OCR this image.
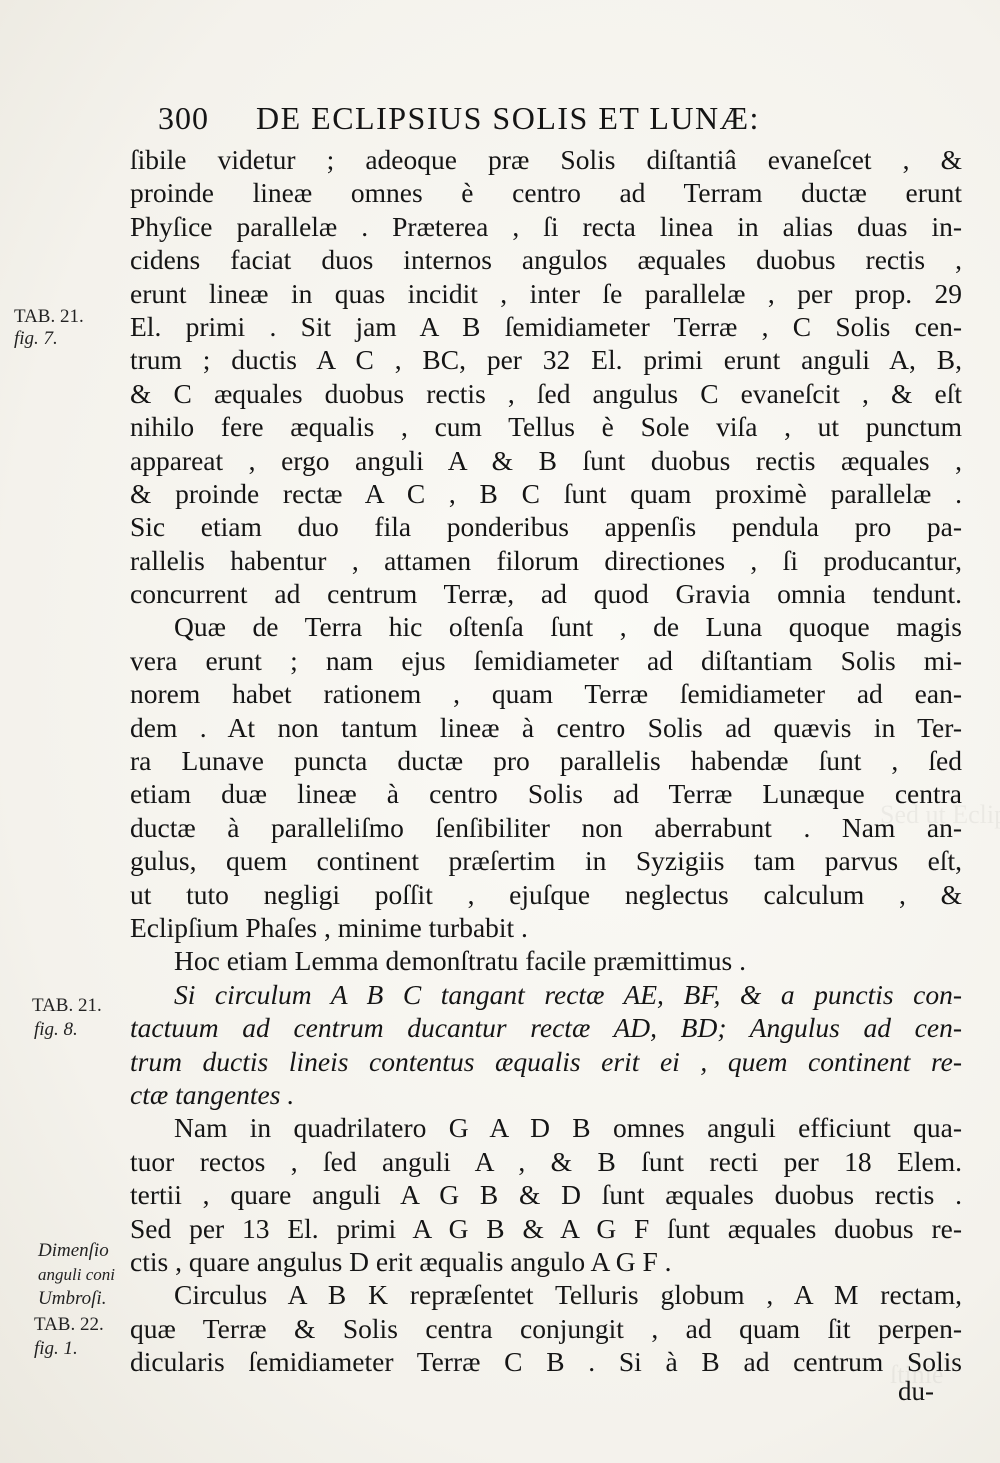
300 DE ECLIPSIUS SOLIS ET LUNÆ:
ſibile videtur ; adeoque præ Solis diſtantiâ evaneſcet , &
proinde lineæ omnes è centro ad Terram ductæ erunt
Phyſice parallelæ . Præterea , ſi recta linea in alias duas in-
cidens faciat duos internos angulos æquales duobus rectis ,
erunt lineæ in quas incidit , inter ſe parallelæ , per prop. 29
El. primi . Sit jam A B ſemidiameter Terræ , C Solis cen-
trum ; ductis A C , BC, per 32 El. primi erunt anguli A, B,
& C æquales duobus rectis , ſed angulus C evaneſcit , & eſt
nihilo fere æqualis , cum Tellus è Sole viſa , ut punctum
appareat , ergo anguli A & B ſunt duobus rectis æquales ,
& proinde rectæ A C , B C ſunt quam proximè parallelæ .
Sic etiam duo fila ponderibus appenſis pendula pro pa-
rallelis habentur , attamen filorum directiones , ſi producantur,
concurrent ad centrum Terræ, ad quod Gravia omnia tendunt.
Quæ de Terra hic oſtenſa ſunt , de Luna quoque magis
vera erunt ; nam ejus ſemidiameter ad diſtantiam Solis mi-
norem habet rationem , quam Terræ ſemidiameter ad ean-
dem . At non tantum lineæ à centro Solis ad quævis in Ter-
ra Lunave puncta ductæ pro parallelis habendæ ſunt , ſed
etiam duæ lineæ à centro Solis ad Terræ Lunæque centra
ductæ à paralleliſmo ſenſibiliter non aberrabunt . Nam an-
gulus, quem continent præſertim in Syzigiis tam parvus eſt,
ut tuto negligi poſſit , ejuſque neglectus calculum , &
Eclipſium Phaſes , minime turbabit .
Hoc etiam Lemma demonſtratu facile præmittimus .
Si circulum A B C tangant rectæ AE, BF, & a punctis con-
tactuum ad centrum ducantur rectæ AD, BD; Angulus ad cen-
trum ductis lineis contentus æqualis erit ei , quem continent re-
ctæ tangentes .
Nam in quadrilatero G A D B omnes anguli efficiunt qua-
tuor rectos , ſed anguli A , & B ſunt recti per 18 Elem.
tertii , quare anguli A G B & D ſunt æquales duobus rectis .
Sed per 13 El. primi A G B & A G F ſunt æquales duobus re-
ctis , quare angulus D erit æqualis angulo A G F .
Circulus A B K repræſentet Telluris globum , A M rectam,
quæ Terræ & Solis centra conjungit , ad quam ſit perpen-
dicularis ſemidiameter Terræ C B . Si à B ad centrum Solis
du-
TAB. 21.
fig. 7.
TAB. 21.
fig. 8.
Dimenſio
anguli coni
Umbroſi.
TAB. 22.
fig. 1.
